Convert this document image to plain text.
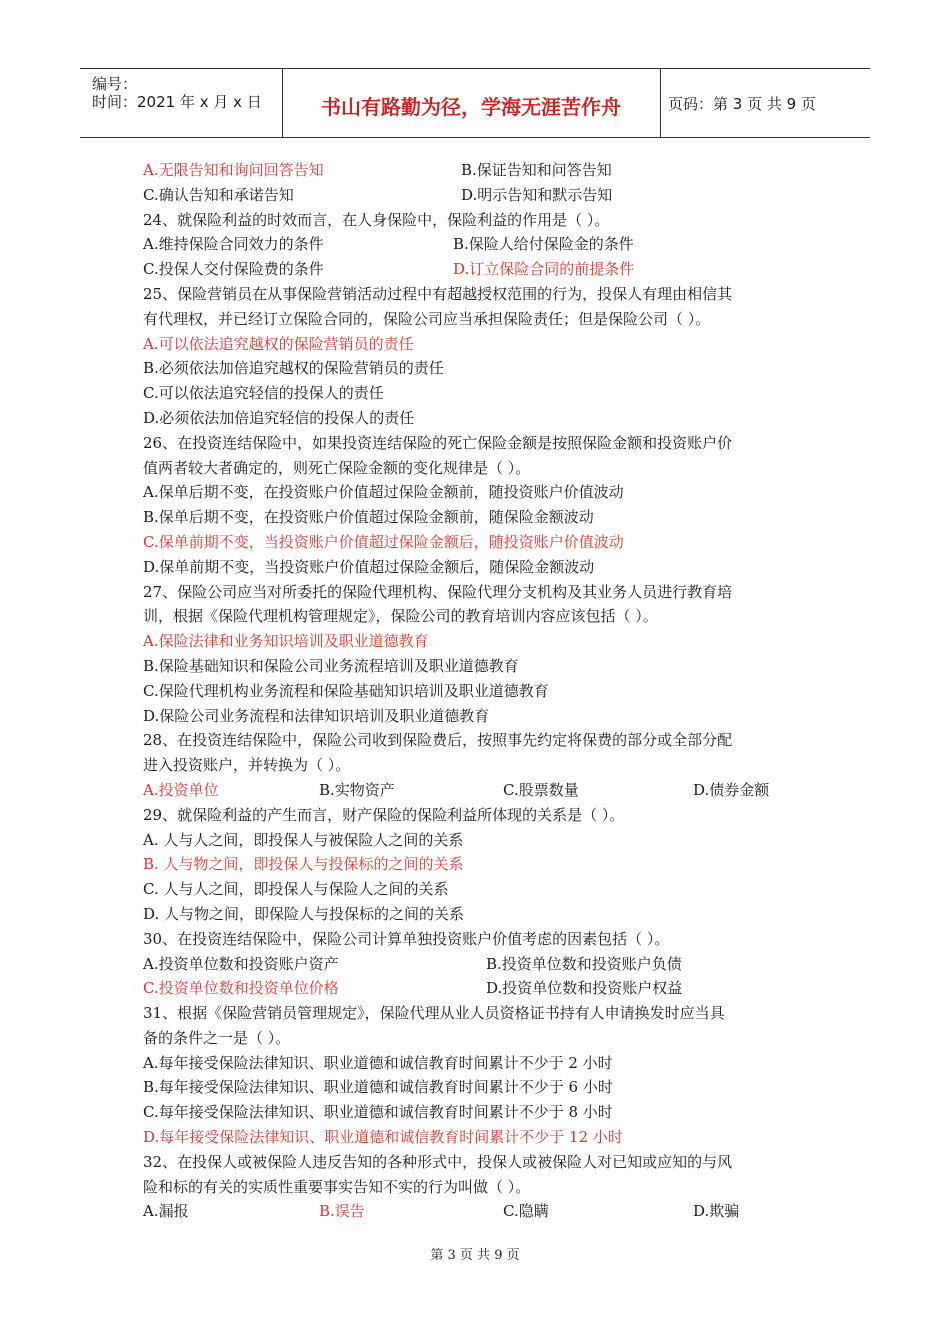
编号：
时间：2021 年 x 月 x 日	书山有路勤为径，学海无涯苦作舟	页码：第 3 页 共 9 页
A.无限告知和询问回答告知	B.保证告知和问答告知
C.确认告知和承诺告知	D.明示告知和默示告知
24、就保险利益的时效而言，在人身保险中，保险利益的作用是（ ）。
A.维持保险合同效力的条件	B.保险人给付保险金的条件
C.投保人交付保险费的条件	D.订立保险合同的前提条件
25、保险营销员在从事保险营销活动过程中有超越授权范围的行为，投保人有理由相信其
有代理权，并已经订立保险合同的，保险公司应当承担保险责任；但是保险公司（ ）。
A.可以依法追究越权的保险营销员的责任
B.必须依法加倍追究越权的保险营销员的责任
C.可以依法追究轻信的投保人的责任
D.必须依法加倍追究轻信的投保人的责任
26、在投资连结保险中，如果投资连结保险的死亡保险金额是按照保险金额和投资账户价
值两者较大者确定的，则死亡保险金额的变化规律是（ ）。
A.保单后期不变，在投资账户价值超过保险金额前，随投资账户价值波动
B.保单后期不变，在投资账户价值超过保险金额前，随保险金额波动
C.保单前期不变，当投资账户价值超过保险金额后，随投资账户价值波动
D.保单前期不变，当投资账户价值超过保险金额后，随保险金额波动
27、保险公司应当对所委托的保险代理机构、保险代理分支机构及其业务人员进行教育培
训，根据《保险代理机构管理规定》，保险公司的教育培训内容应该包括（ ）。
A.保险法律和业务知识培训及职业道德教育
B.保险基础知识和保险公司业务流程培训及职业道德教育
C.保险代理机构业务流程和保险基础知识培训及职业道德教育
D.保险公司业务流程和法律知识培训及职业道德教育
28、在投资连结保险中，保险公司收到保险费后，按照事先约定将保费的部分或全部分配
进入投资账户，并转换为（ ）。
A.投资单位	B.实物资产	C.股票数量	D.债券金额
29、就保险利益的产生而言，财产保险的保险利益所体现的关系是（ ）。
A. 人与人之间，即投保人与被保险人之间的关系
B. 人与物之间，即投保人与投保标的之间的关系
C. 人与人之间，即投保人与保险人之间的关系
D. 人与物之间，即保险人与投保标的之间的关系
30、在投资连结保险中，保险公司计算单独投资账户价值考虑的因素包括（ ）。
A.投资单位数和投资账户资产	B.投资单位数和投资账户负债
C.投资单位数和投资单位价格	D.投资单位数和投资账户权益
31、根据《保险营销员管理规定》，保险代理从业人员资格证书持有人申请换发时应当具
备的条件之一是（ ）。
A.每年接受保险法律知识、职业道德和诚信教育时间累计不少于 2 小时
B.每年接受保险法律知识、职业道德和诚信教育时间累计不少于 6 小时
C.每年接受保险法律知识、职业道德和诚信教育时间累计不少于 8 小时
D.每年接受保险法律知识、职业道德和诚信教育时间累计不少于 12 小时
32、在投保人或被保险人违反告知的各种形式中，投保人或被保险人对已知或应知的与风
险和标的有关的实质性重要事实告知不实的行为叫做（ ）。
A.漏报	B.误告	C.隐瞒	D.欺骗
第 3 页 共 9 页
